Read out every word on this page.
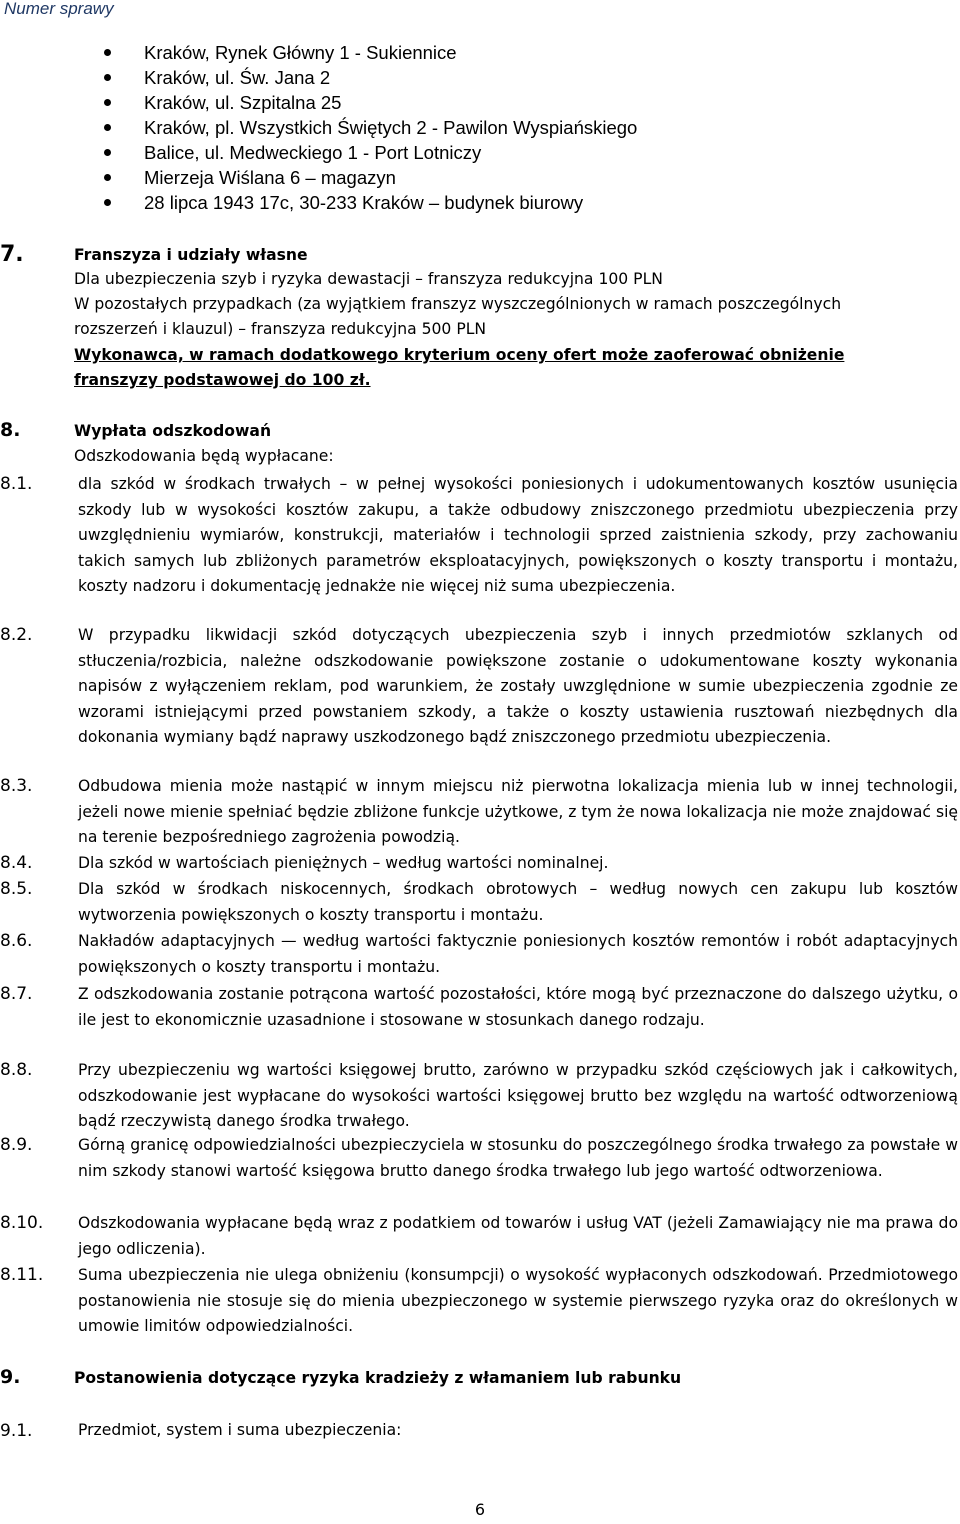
Numer sprawy
Kraków, Rynek Główny 1 - Sukiennice
Kraków, ul. Św. Jana 2
Kraków, ul. Szpitalna 25
Kraków, pl. Wszystkich Świętych 2 - Pawilon Wyspiańskiego
Balice, ul. Medweckiego 1 - Port Lotniczy
Mierzeja Wiślana 6 – magazyn
28 lipca 1943 17c, 30-233 Kraków – budynek biurowy
7.	Franszyza i udziały własne
Dla ubezpieczenia szyb i ryzyka dewastacji – franszyza redukcyjna 100 PLN
W pozostałych przypadkach (za wyjątkiem franszyz wyszczególnionych w ramach poszczególnych
rozszerzeń i klauzul) – franszyza redukcyjna 500 PLN
Wykonawca, w ramach dodatkowego kryterium oceny ofert może zaoferować obniżenie
franszyzy podstawowej do 100 zł.
8.	Wypłata odszkodowań
Odszkodowania będą wypłacane:
8.1.	dla szkód w środkach trwałych – w pełnej wysokości poniesionych i udokumentowanych kosztów usunięcia szkody lub w wysokości kosztów zakupu, a także odbudowy zniszczonego przedmiotu ubezpieczenia przy uwzględnieniu wymiarów, konstrukcji, materiałów i technologii sprzed zaistnienia szkody, przy zachowaniu takich samych lub zbliżonych parametrów eksploatacyjnych, powiększonych o koszty transportu i montażu, koszty nadzoru i dokumentację jednakże nie więcej niż suma ubezpieczenia.
8.2.	W przypadku likwidacji szkód dotyczących ubezpieczenia szyb i innych przedmiotów szklanych od stłuczenia/rozbicia, należne odszkodowanie powiększone zostanie o udokumentowane koszty wykonania napisów z wyłączeniem reklam, pod warunkiem, że zostały uwzględnione w sumie ubezpieczenia zgodnie ze wzorami istniejącymi przed powstaniem szkody, a także o koszty ustawienia rusztowań niezbędnych dla dokonania wymiany bądź naprawy uszkodzonego bądź zniszczonego przedmiotu ubezpieczenia.
8.3.	Odbudowa mienia może nastąpić w innym miejscu niż pierwotna lokalizacja mienia lub w innej technologii, jeżeli nowe mienie spełniać będzie zbliżone funkcje użytkowe, z tym że nowa lokalizacja nie może znajdować się na terenie bezpośredniego zagrożenia powodzią.
8.4.	Dla szkód w wartościach pieniężnych – według wartości nominalnej.
8.5.	Dla szkód w środkach niskocennych, środkach obrotowych – według nowych cen zakupu lub kosztów wytworzenia powiększonych o koszty transportu i montażu.
8.6.	Nakładów adaptacyjnych — według wartości faktycznie poniesionych kosztów remontów i robót adaptacyjnych powiększonych o koszty transportu i montażu.
8.7.	Z odszkodowania zostanie potrącona wartość pozostałości, które mogą być przeznaczone do dalszego użytku, o ile jest to ekonomicznie uzasadnione i stosowane w stosunkach danego rodzaju.
8.8.	Przy ubezpieczeniu wg wartości księgowej brutto, zarówno w przypadku szkód częściowych jak i całkowitych, odszkodowanie jest wypłacane do wysokości wartości księgowej brutto bez względu na wartość odtworzeniową bądź rzeczywistą danego środka trwałego.
8.9.	Górną granicę odpowiedzialności ubezpieczyciela w stosunku do poszczególnego środka trwałego za powstałe w nim szkody stanowi wartość księgowa brutto danego środka trwałego lub jego wartość odtworzeniowa.
8.10. Odszkodowania wypłacane będą wraz z podatkiem od towarów i usług VAT (jeżeli Zamawiający nie ma prawa do jego odliczenia).
8.11. Suma ubezpieczenia nie ulega obniżeniu (konsumpcji) o wysokość wypłaconych odszkodowań. Przedmiotowego postanowienia nie stosuje się do mienia ubezpieczonego w systemie pierwszego ryzyka oraz do określonych w umowie limitów odpowiedzialności.
9.	Postanowienia dotyczące ryzyka kradzieży z włamaniem lub rabunku
9.1.	Przedmiot, system i suma ubezpieczenia:
6
